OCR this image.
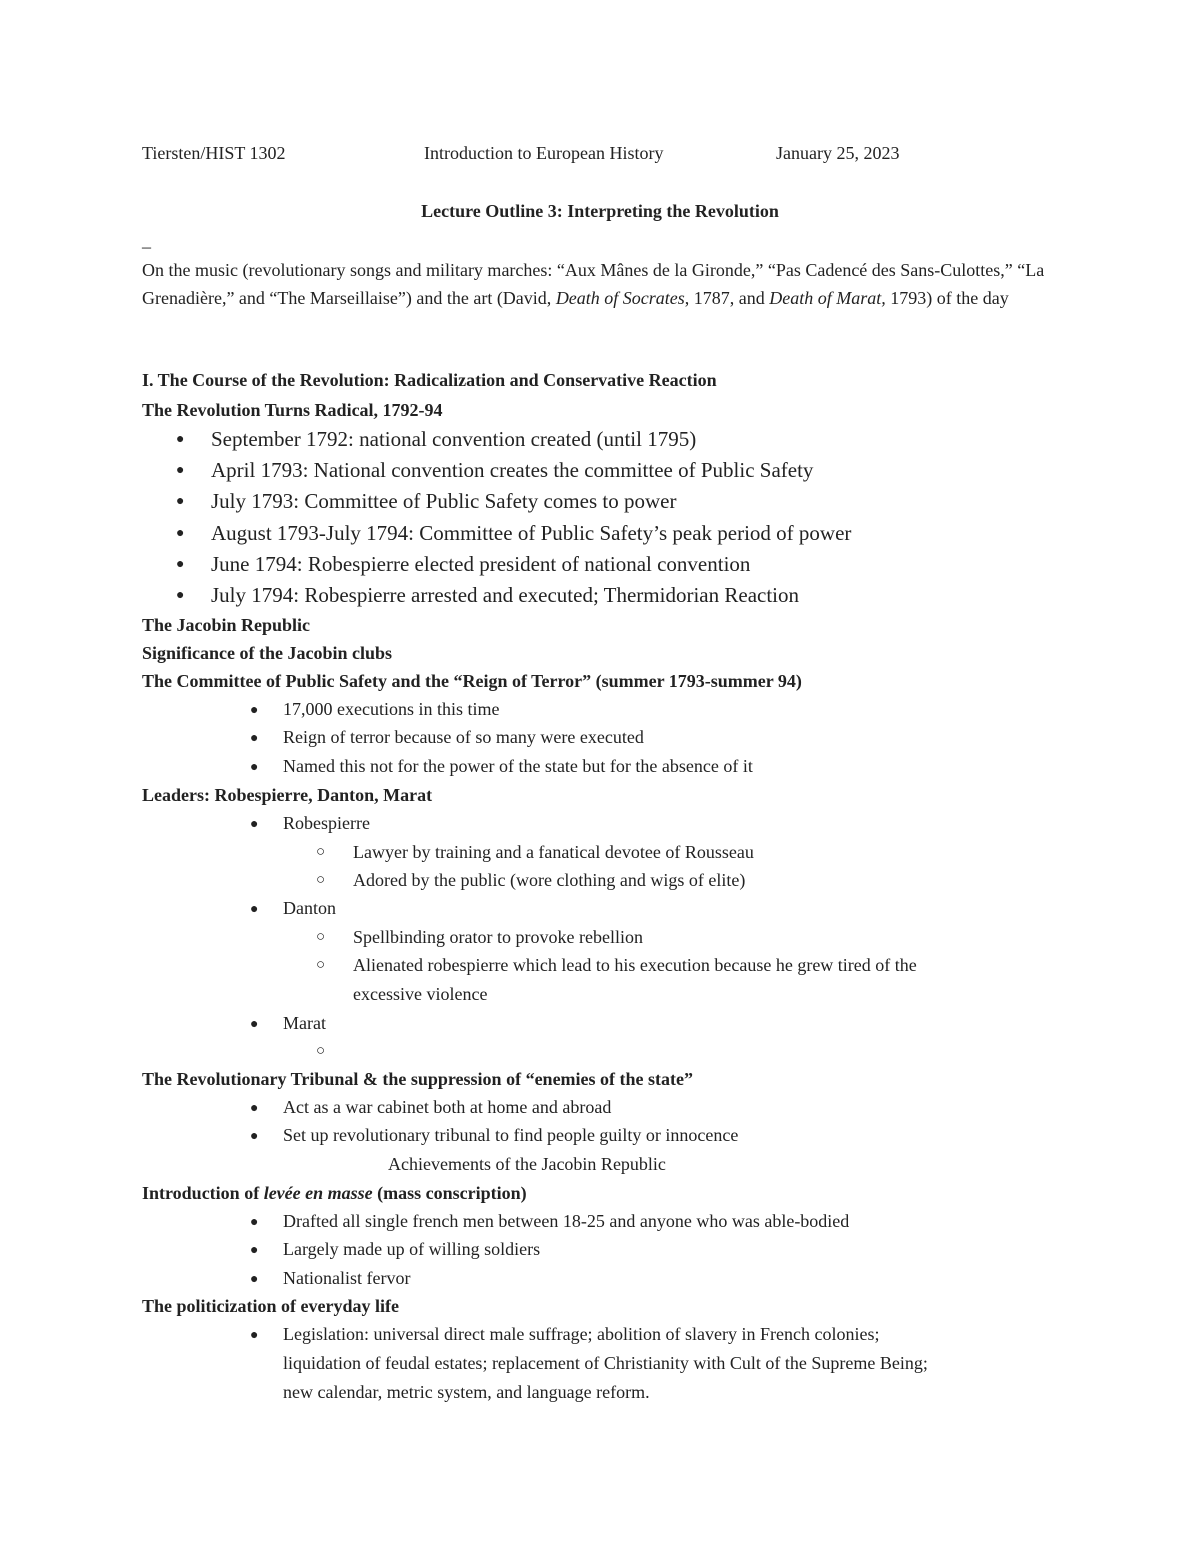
Tiersten/HIST 1302	Introduction to European History	January 25, 2023
Lecture Outline 3: Interpreting the Revolution
_
On the music (revolutionary songs and military marches: “Aux Mânes de la Gironde,” “Pas Cadencé des Sans-Culottes,” “La Grenadière,” and “The Marseillaise”) and the art (David, Death of Socrates, 1787, and Death of Marat, 1793) of the day
I. The Course of the Revolution: Radicalization and Conservative Reaction
The Revolution Turns Radical, 1792-94
● September 1792: national convention created (until 1795)
● April 1793: National convention creates the committee of Public Safety
● July 1793: Committee of Public Safety comes to power
● August 1793-July 1794: Committee of Public Safety’s peak period of power
● June 1794: Robespierre elected president of national convention
● July 1794: Robespierre arrested and executed; Thermidorian Reaction
The Jacobin Republic
Significance of the Jacobin clubs
The Committee of Public Safety and the “Reign of Terror” (summer 1793-summer 94)
● 17,000 executions in this time
● Reign of terror because of so many were executed
● Named this not for the power of the state but for the absence of it
Leaders: Robespierre, Danton, Marat
● Robespierre
○ Lawyer by training and a fanatical devotee of Rousseau
○ Adored by the public (wore clothing and wigs of elite)
● Danton
○ Spellbinding orator to provoke rebellion
○ Alienated robespierre which lead to his execution because he grew tired of the
excessive violence
● Marat
○
The Revolutionary Tribunal & the suppression of “enemies of the state”
● Act as a war cabinet both at home and abroad
● Set up revolutionary tribunal to find people guilty or innocence
Achievements of the Jacobin Republic
Introduction of levée en masse (mass conscription)
● Drafted all single french men between 18-25 and anyone who was able-bodied
● Largely made up of willing soldiers
● Nationalist fervor
The politicization of everyday life
● Legislation: universal direct male suffrage; abolition of slavery in French colonies;
liquidation of feudal estates; replacement of Christianity with Cult of the Supreme Being;
new calendar, metric system, and language reform.
